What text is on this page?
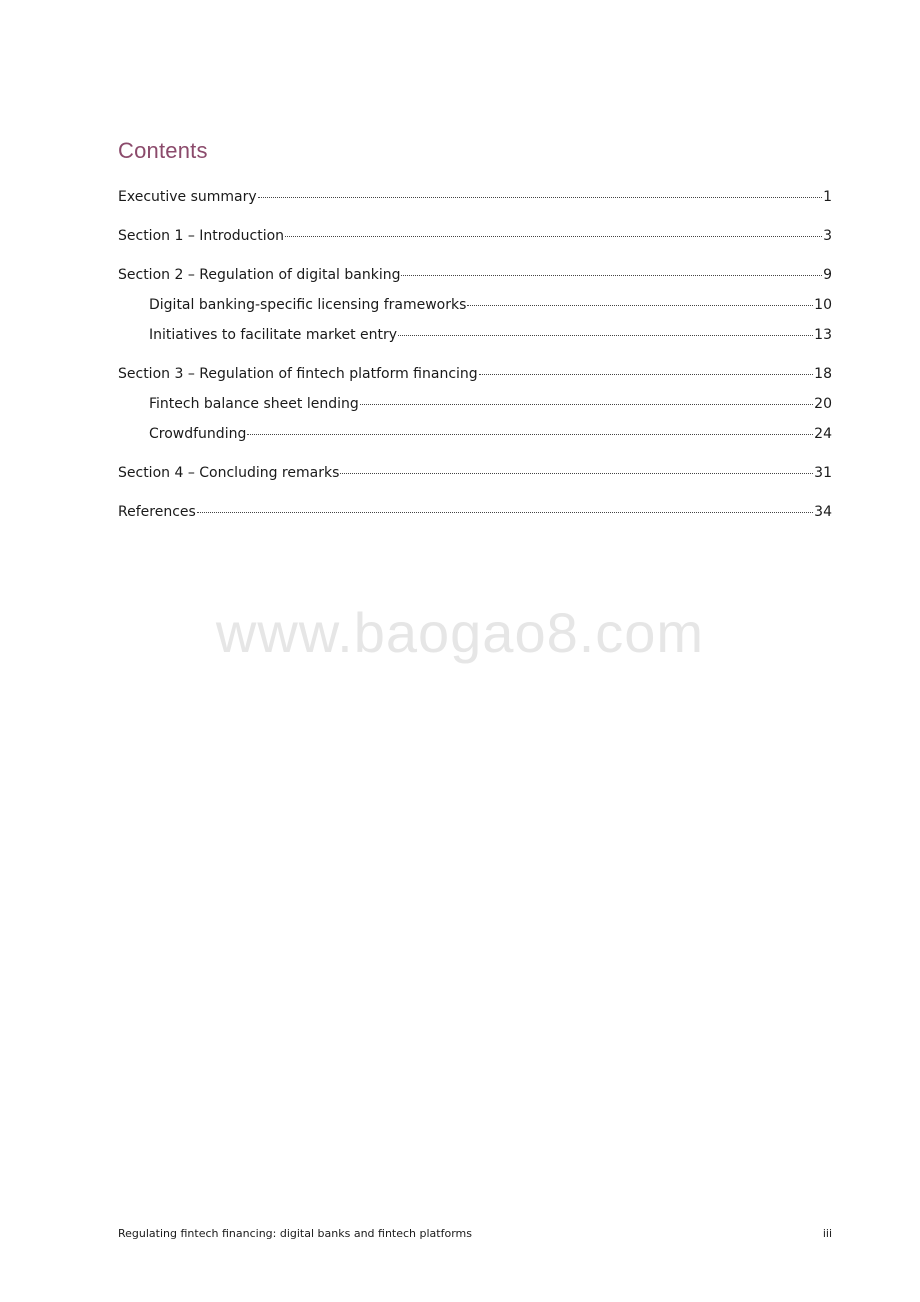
Contents
Executive summary	1
Section 1 – Introduction	3
Section 2 – Regulation of digital banking	9
Digital banking-specific licensing frameworks	10
Initiatives to facilitate market entry	13
Section 3 – Regulation of fintech platform financing	18
Fintech balance sheet lending	20
Crowdfunding	24
Section 4 – Concluding remarks	31
References	34
www.baogao8.com
Regulating fintech financing: digital banks and fintech platforms	iii
